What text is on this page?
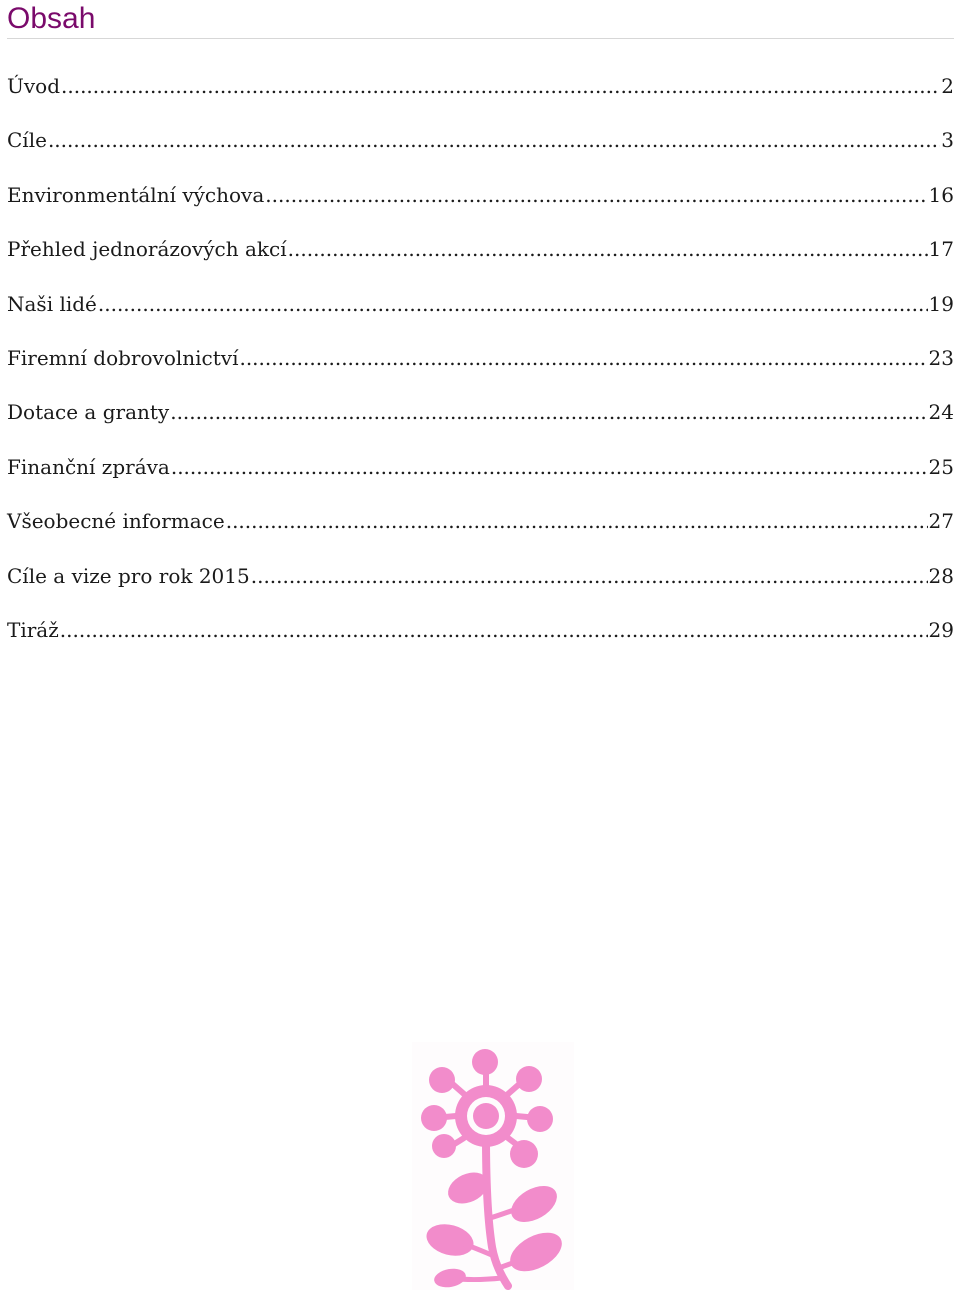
Obsah
Úvod .....	2
Cíle .....	3
Environmentální výchova .....	16
Přehled jednorázových akcí .....	17
Naši lidé .....	19
Firemní dobrovolnictví .....	23
Dotace a granty .....	24
Finanční zpráva .....	25
Všeobecné informace .....	27
Cíle a vize pro rok 2015 .....	28
Tiráž .....	29
